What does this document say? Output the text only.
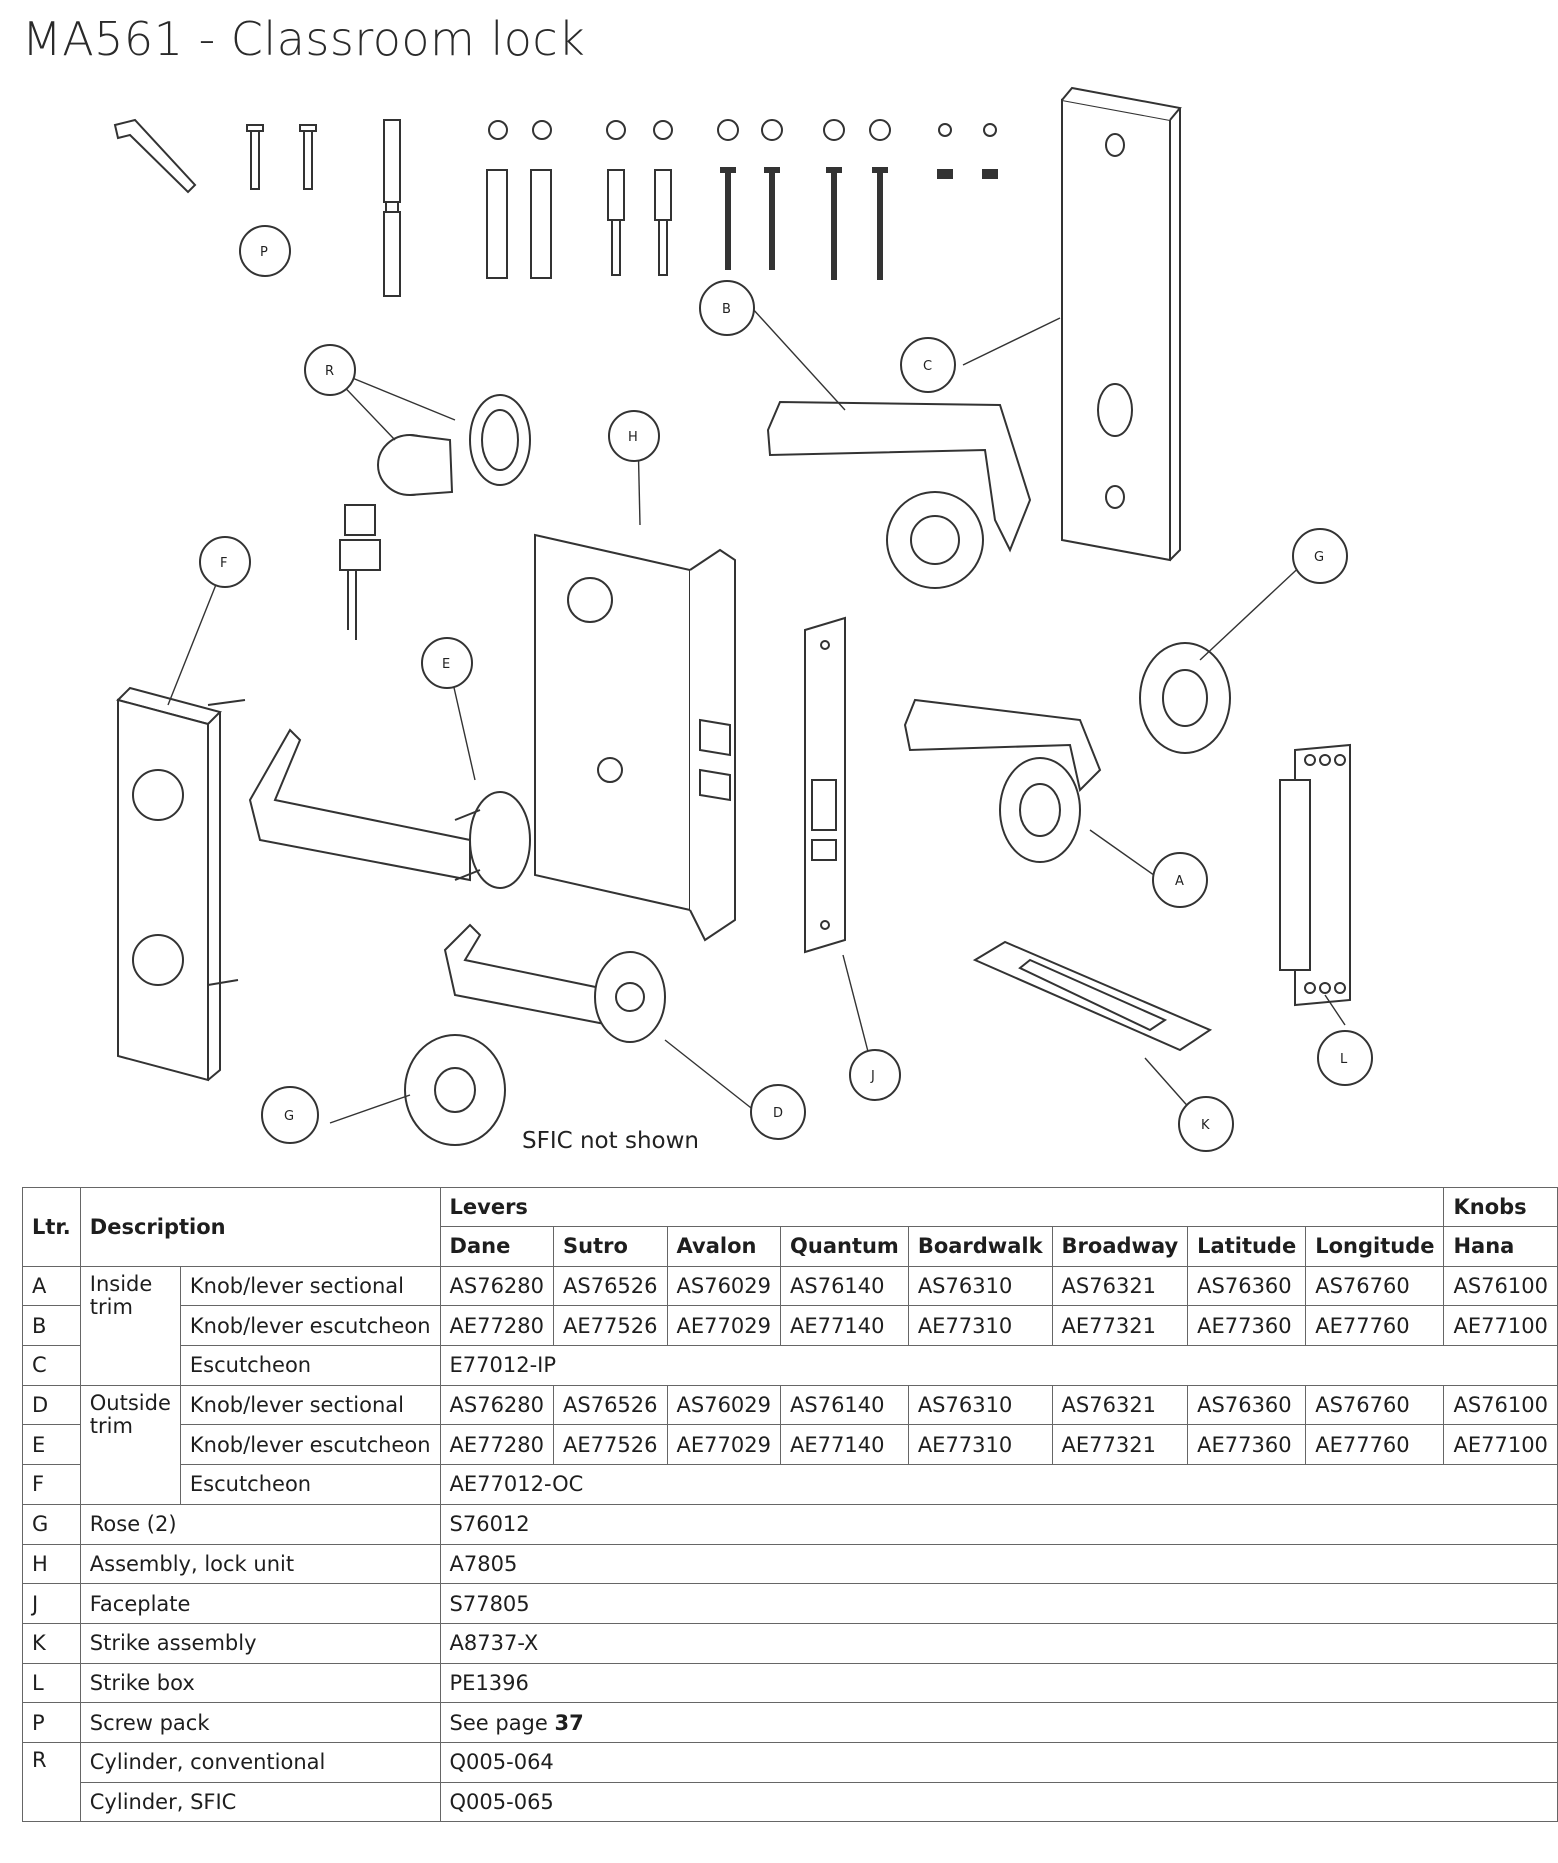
MA561 - Classroom lock
P
R
H
B
C
G
F
E
A
L
G	D
J
K
SFIC not shown
Ltr.	Description		Levers								Knobs
			Dane	Sutro	Avalon	Quantum	Boardwalk	Broadway	Latitude	Longitude	Hana
A	Inside trim	Knob/lever sectional	AS76280	AS76526	AS76029	AS76140	AS76310	AS76321	AS76360	AS76760	AS76100
B		Knob/lever escutcheon	AE77280	AE77526	AE77029	AE77140	AE77310	AE77321	AE77360	AE77760	AE77100
C		Escutcheon	E77012-IP								
D	Outside trim	Knob/lever sectional	AS76280	AS76526	AS76029	AS76140	AS76310	AS76321	AS76360	AS76760	AS76100
E		Knob/lever escutcheon	AE77280	AE77526	AE77029	AE77140	AE77310	AE77321	AE77360	AE77760	AE77100
F		Escutcheon	AE77012-OC								
G	Rose (2)		S76012								
H	Assembly, lock unit		A7805								
J	Faceplate		S77805								
K	Strike assembly		A8737-X								
L	Strike box		PE1396								
P	Screw pack		See page 37								
R	Cylinder, conventional		Q005-064								
	Cylinder, SFIC		Q005-065								
